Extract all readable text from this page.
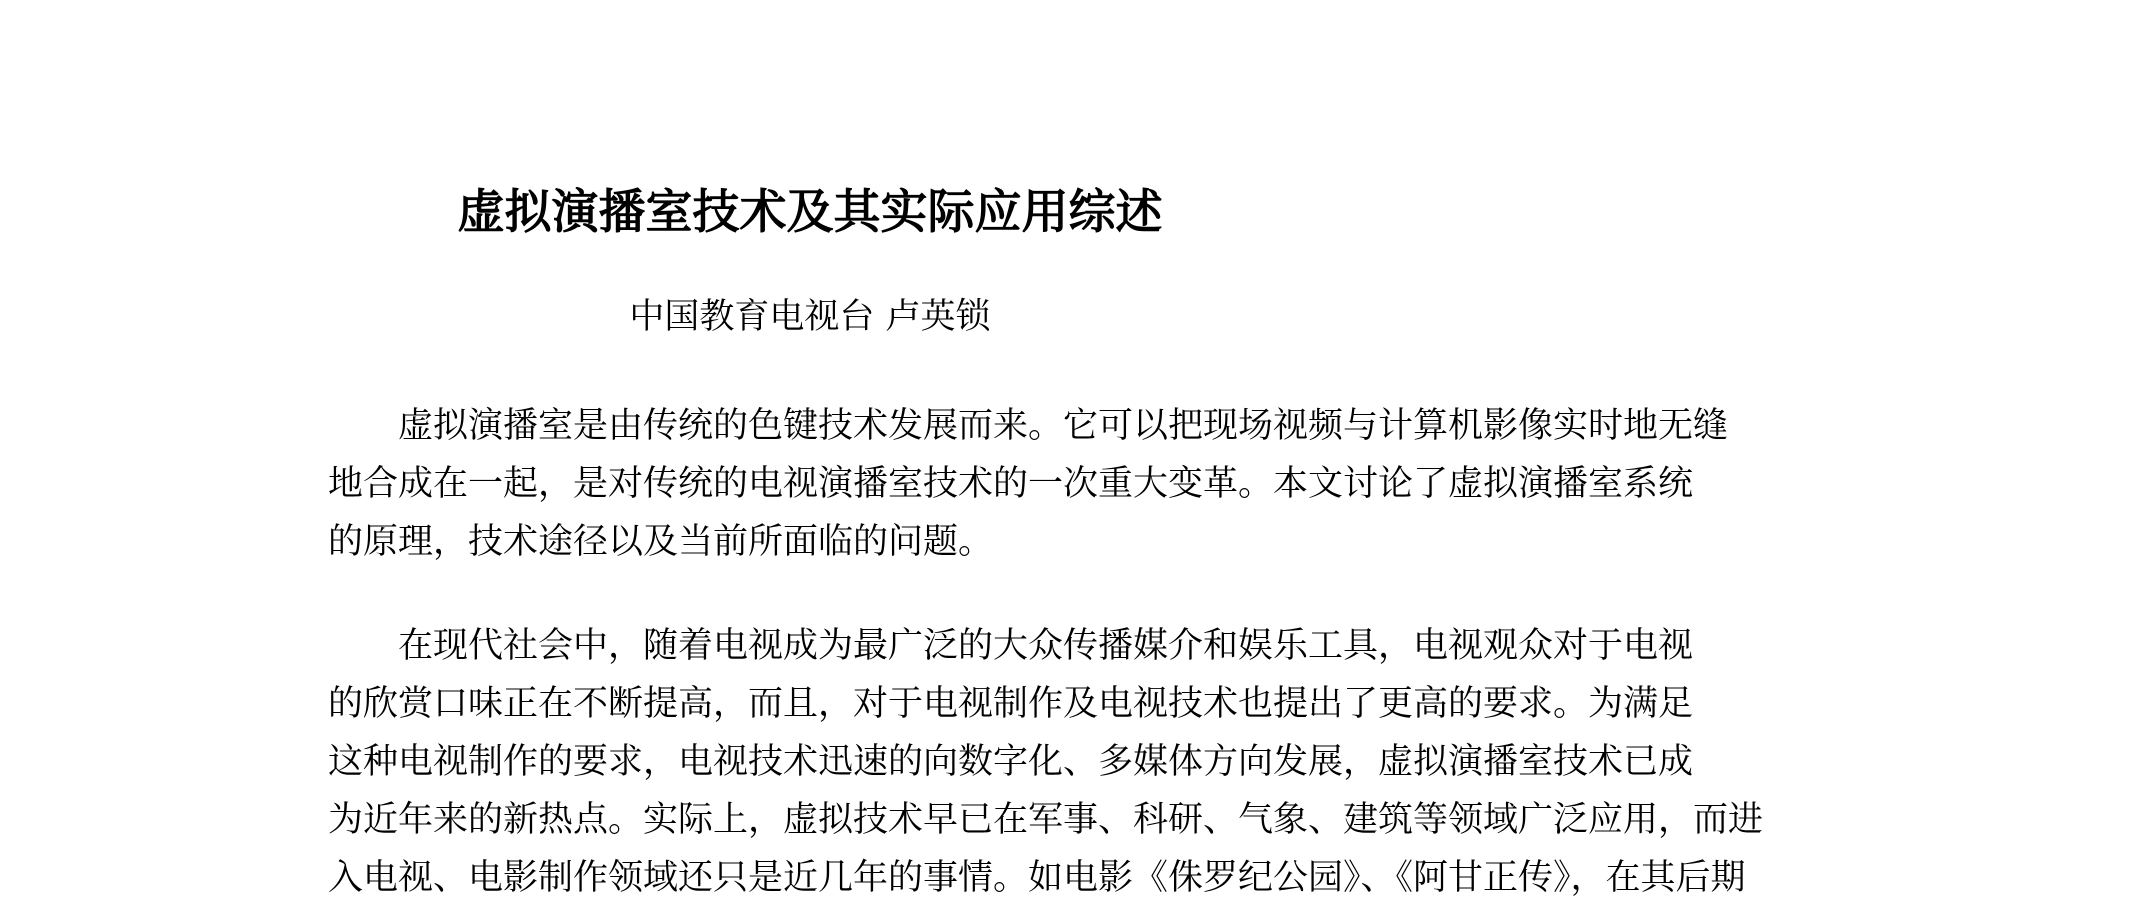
虚拟演播室技术及其实际应用综述
中国教育电视台 卢英锁
虚拟演播室是由传统的色键技术发展而来。它可以把现场视频与计算机影像实时地无缝
地合成在一起，是对传统的电视演播室技术的一次重大变革。本文讨论了虚拟演播室系统
的原理，技术途径以及当前所面临的问题。
在现代社会中，随着电视成为最广泛的大众传播媒介和娱乐工具，电视观众对于电视
的欣赏口味正在不断提高，而且，对于电视制作及电视技术也提出了更高的要求。为满足
这种电视制作的要求，电视技术迅速的向数字化、多媒体方向发展，虚拟演播室技术已成
为近年来的新热点。实际上，虚拟技术早已在军事、科研、气象、建筑等领域广泛应用，而进
入电视、电影制作领域还只是近几年的事情。如电影《侏罗纪公园》、《阿甘正传》，在其后期
